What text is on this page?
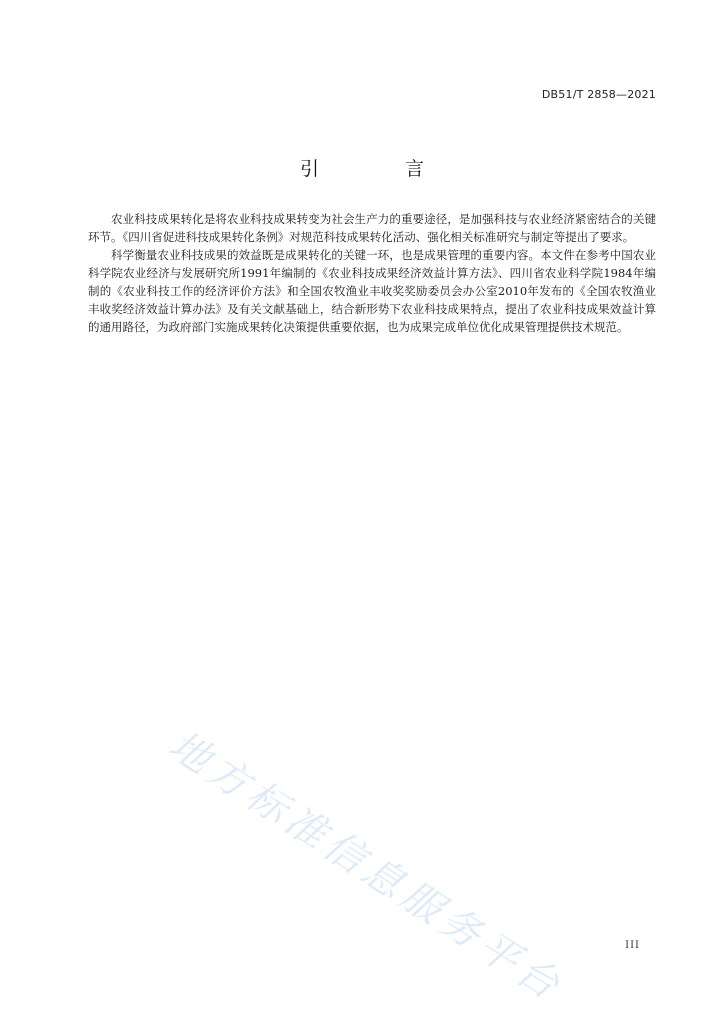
DB51/T 2858—2021
引 言

农业科技成果转化是将农业科技成果转变为社会生产力的重要途径，是加强科技与农业经济紧密结合的关键环节。《四川省促进科技成果转化条例》对规范科技成果转化活动、强化相关标准研究与制定等提出了要求。

科学衡量农业科技成果的效益既是成果转化的关键一环，也是成果管理的重要内容。本文件在参考中国农业科学院农业经济与发展研究所1991年编制的《农业科技成果经济效益计算方法》、四川省农业科学院1984年编制的《农业科技工作的经济评价方法》和全国农牧渔业丰收奖奖励委员会办公室2010年发布的《全国农牧渔业丰收奖经济效益计算办法》及有关文献基础上，结合新形势下农业科技成果特点，提出了农业科技成果效益计算的通用路径，为政府部门实施成果转化决策提供重要依据，也为成果完成单位优化成果管理提供技术规范。

地方标准信息服务平台	III
